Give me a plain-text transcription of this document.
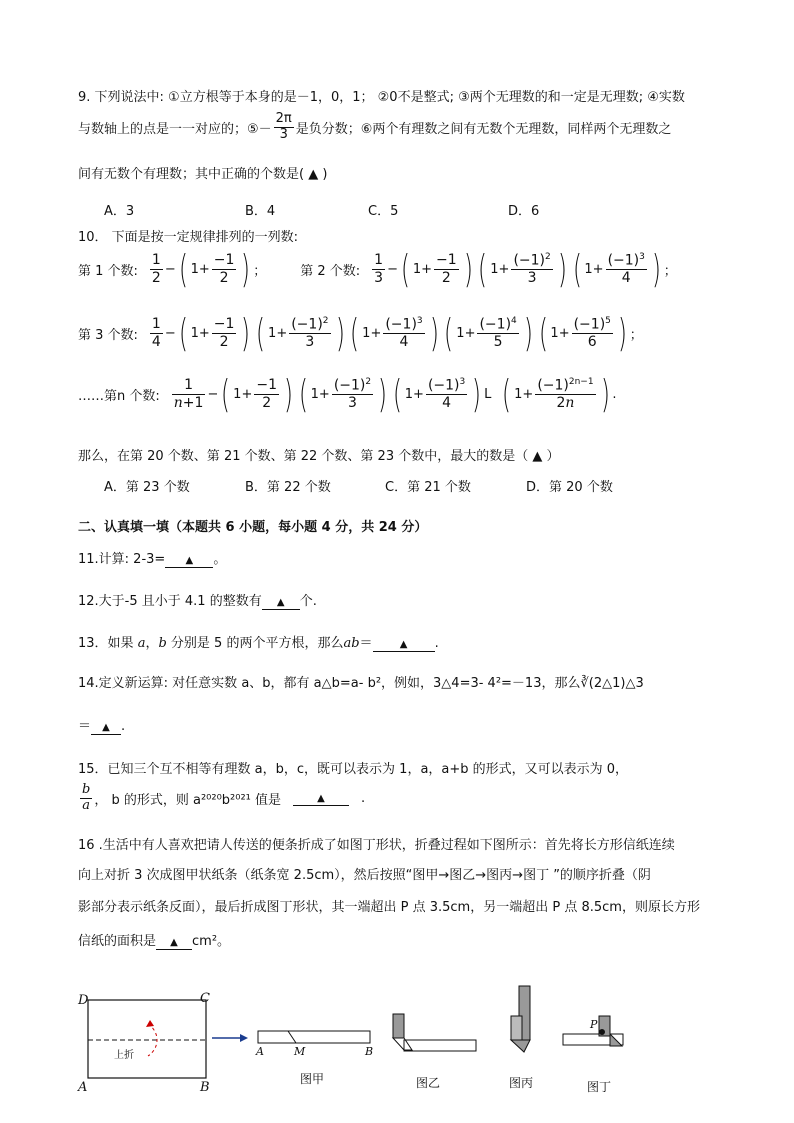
9. 下列说法中: ①立方根等于本身的是－1，0，1； ②0不是整式; ③两个无理数的和一定是无理数; ④实数
与数轴上的点是一一对应的；⑤－ $\frac{2\pi}{3}$ 是负分数；⑥两个有理数之间有无数个无理数，同样两个无理数之
间有无数个有理数；其中正确的个数是( ▲ )
A．3	B．4	C．5	D．6
10． 下面是按一定规律排列的一列数:
第 1 个数: $\frac{1}{2}$ − ( $1+ \frac{-1}{2}$ ) ；	第 2 个数: $\frac{1}{3}$ − ( $1+ \frac{-1}{2}$ ) ( $1+ \frac{(-1)^2}{3}$ ) ( $1+ \frac{(-1)^3}{4}$ ) ；
第 3 个数: $\frac{1}{4}$ − ( $1+ \frac{-1}{2}$ ) ( $1+ \frac{(-1)^2}{3}$ ) ( $1+ \frac{(-1)^3}{4}$ ) ( $1+ \frac{(-1)^4}{5}$ ) ( $1+ \frac{(-1)^5}{6}$ ) ；
……第n 个数: $\frac{1}{n+1}$ − ( $1+ \frac{-1}{2}$ ) ( $1+ \frac{(-1)^2}{3}$ ) ( $1+ \frac{(-1)^3}{4}$ ) L ( $1+ \frac{(-1)^{2n-1}}{2n}$ ) .
那么，在第 20 个数、第 21 个数、第 22 个数、第 23 个数中，最大的数是（ ▲ ）
A．第 23 个数	B．第 22 个数	C．第 21 个数	D．第 20 个数
二、认真填一填（本题共 6 小题，每小题 4 分，共 24 分）
11.计算: 2-3= ▲ 。
12.大于-5 且小于 4.1 的整数有 ▲ 个.
13．如果 a，b 分别是 5 的两个平方根，那么ab＝	▲ .
14.定义新运算: 对任意实数 a、b，都有 a△b=a- b²，例如，3△4=3- 4²=－13，那么∛(2△1)△3
＝ ▲ .
15．已知三个互不相等有理数 a，b，c，既可以表示为 1，a，a+b 的形式，又可以表示为 0，
$\frac{b}{a}$ ， b 的形式，则 a²⁰²⁰b²⁰²¹ 值是	▲	.
16 .生活中有人喜欢把请人传送的便条折成了如图丁形状，折叠过程如下图所示：首先将长方形信纸连续
向上对折 3 次成图甲状纸条（纸条宽 2.5cm），然后按照“图甲→图乙→图丙→图丁 ”的顺序折叠（阴
影部分表示纸条反面），最后折成图丁形状，其一端超出 P 点 3.5cm，另一端超出 P 点 8.5cm，则原长方形
信纸的面积是 ▲ cm²。
D	C
A	B
上折	A	M	B
P
图甲	图乙	图丙	图丁
